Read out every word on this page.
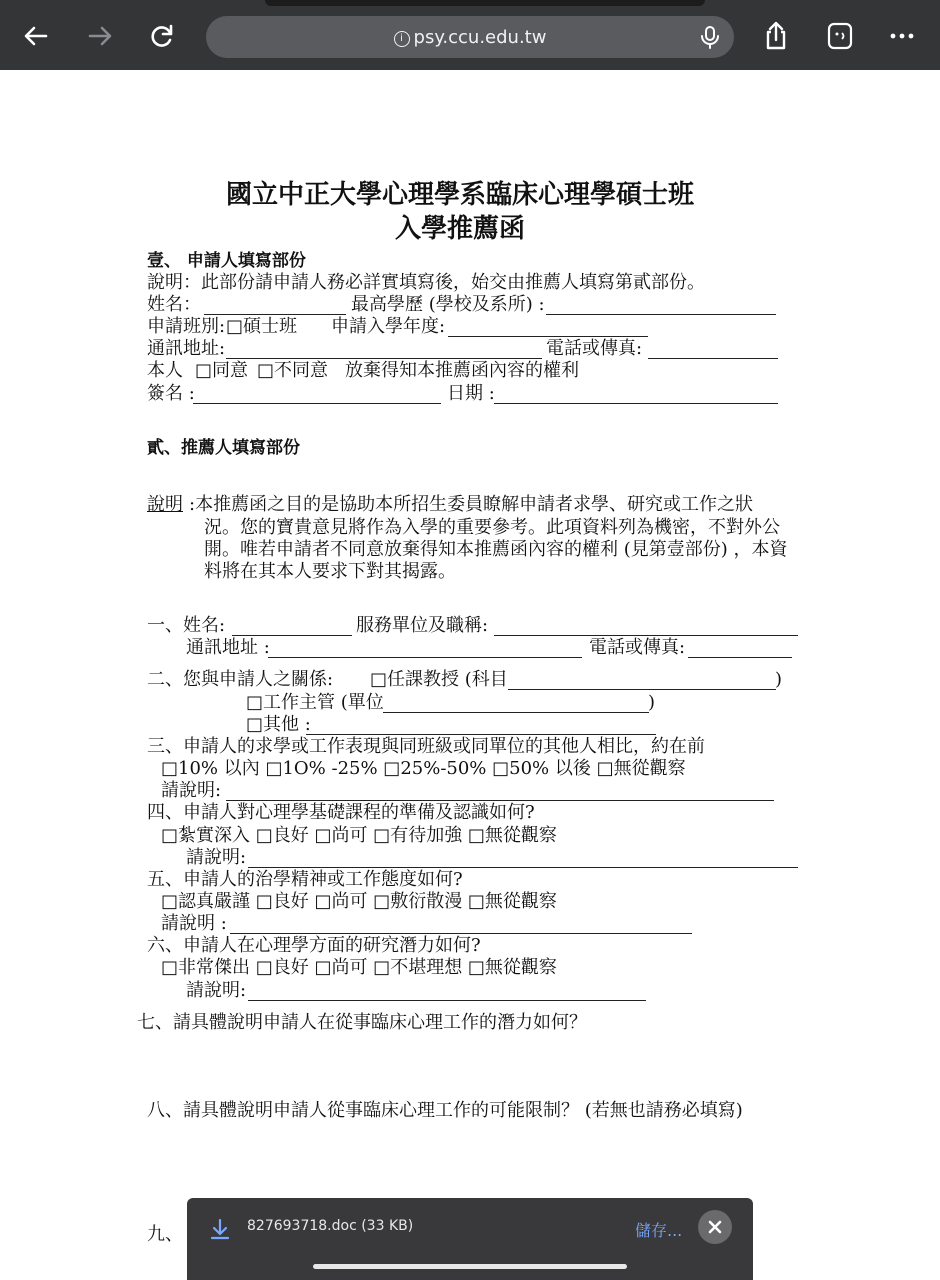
i psy.ccu.edu.tw
國立中正大學心理學系臨床心理學碩士班
入學推薦函
壹、 申請人填寫部份
說明：此部份請申請人務必詳實填寫後，始交由推薦人填寫第貳部份。
姓名：	最高學歷 (學校及系所) :
申請班別: □碩士班 申請入學年度:
通訊地址:	電話或傳真:
本人 □同意 □不同意 放棄得知本推薦函內容的權利
簽名 :	日期 :
貳、推薦人填寫部份
說明 :本推薦函之目的是協助本所招生委員瞭解申請者求學、研究或工作之狀
況。您的寶貴意見將作為入學的重要參考。此項資料列為機密，不對外公
開。唯若申請者不同意放棄得知本推薦函內容的權利 (見第壹部份) ，本資
料將在其本人要求下對其揭露。
一、姓名:	服務單位及職稱:
通訊地址 :	電話或傳真:
二、您與申請人之關係: □任課教授 (科目	)
□工作主管 (單位	)
□其他 :
三、申請人的求學或工作表現與同班級或同單位的其他人相比，約在前
□10% 以內 □1O% -25% □25%-50% □50% 以後 □無從觀察
請說明:
四、申請人對心理學基礎課程的準備及認識如何?
□紮實深入 □良好 □尚可 □有待加強 □無從觀察
請說明:
五、申請人的治學精神或工作態度如何?
□認真嚴謹 □良好 □尚可 □敷衍散漫 □無從觀察
請說明 :
六、申請人在心理學方面的研究潛力如何?
□非常傑出 □良好 □尚可 □不堪理想 □無從觀察
請說明:
七、請具體說明申請人在從事臨床心理工作的潛力如何？
八、請具體說明申請人從事臨床心理工作的可能限制？ (若無也請務必填寫)
九、	827693718.doc (33 KB)	儲存...
